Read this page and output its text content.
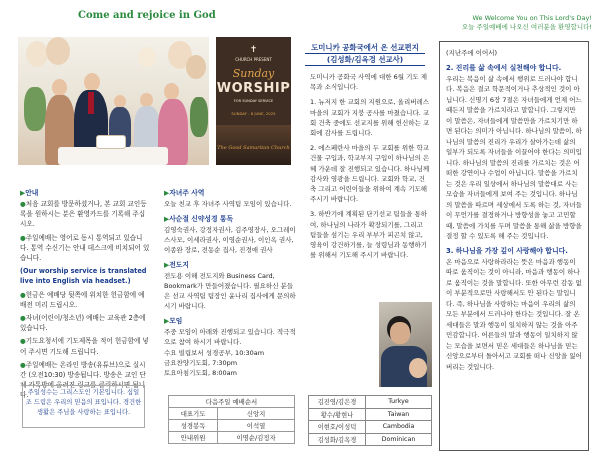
Come and rejoice in God	We Welcome You on This Lord's Day!
오늘 주일예배에 나오신 여러분을 환영합니다!
✝
CHURCH PRESENT
Sunday
WORSHIP
FOR SUNDAY SERVICE
SUNDAY - 8 JUNE, 2025
The Good Samaritan Church
▶안내

●처음 교회를 방문하셨거나, 본 교회 교인등록을 원하시는 분은 환영카드를 기록해 주십시오.

●주일예배는 영어로 동시 통역되고 있습니다. 통역 수신기는 안내 데스크에 비치되어 있습니다.

(Our worship service is translated live into English via headset.)

●헌금은 예배당 뒷쪽에 위치한 헌금함에 예배전 미리 드립시오.

●자녀(어린이/청소년) 예배는 교육관 2층에 있습니다.

●기도요청서에 기도제목을 적어 헌금함에 넣어 주시면 기도해 드립니다.

●주일예배는 온라인 방송(유튜브)으로 실시간 (오전10:30) 방송됩니다. 방송은 교인 단체 카톡방에 올려진 링크를 클릭하시면 됩니다. 주일성수는 그리스도인 기본입니다. 십일조 드림은 우리의 믿음의 표입니다. 경건한 생활은 주님을 사랑하는 표입니다.
▶자녀주 사역

오늘 친교 후 자녀주 사역팀 모임이 있습니다.

▶사순절 신약성경 통독

김영숙권사, 강정자권사, 김주영장사, 오그레이스사모, 이세라권사, 이영순권사, 이인옥 권사, 이종완 장로, 전동순 집사, 진경애 권사

▶전도지

전도용 이해 전도지와 Business Card, Bookmark가 만들어졌습니다. 필요하신 분들은 선교 사역팀 팀장인 윤나리 집사에게 문의하시기 바랍니다.

▶모임

주중 모임이 아래와 진행되고 있습니다. 적극적으로 참여 하시기 바랍니다.

수요 빌립보서 성경공부, 10:30am

금요찬양기도회, 7:30pm

토요아침기도회, 8:00am

다음주일 예배순서	
대표기도	신앙지
성경봉독	이석열
안내위원	이명순/김정자
도미니카 공화국에서 온 선교편지
(김성화/김옥경 선교사)

도미니카 공화국 사역에 대한 6월 기도 제목과 소식입니다.

1. 뉴저지 한 교회의 지원으로, 올리버레스 마을의 교회가 지붕 공사를 마쳤습니다. 교회 건축 중에도 선교지를 위해 헌신하는 교회에 감사를 드립니다.

2. 에스페란사 마을의 두 교회를 위한 학교 건물 구입과, 학교부지 구입이 하나님의 은혜 가운데 잘 진행되고 있습니다. 하나님께 감사와 영광을 드립니다. 교회와 학교, 건축 그리고 어린이들을 위하여 계속 기도해 주시기 바랍니다.

3. 하반기에 계획된 단기선교 팀들을 통하여, 하나님의 나라가 확장되기를, 그리고 팀들을 섬기는 우리 부부가 피곤치 않고, 영육이 강건하기를, 늘 성령님과 동행하기를 위해서 기도해 주시기 바랍니다.

김진영/김은경	Turkye
황수/황현나	Taiwan
이현호/이성덕	Cambodia
김성화/김옥경	Dominican

(지난주에 이어서)

2. 진리를 삶 속에서 실천해야 합니다.

우리는 복음이 삶 속에서 행위로 드러나야 합니다. 복음은 결코 학문적이거나 추상적인 것이 아닙니다. 신명기 6장 7절은 자녀들에게 언제 어느 때든지 말씀을 가르치라고 말합니다. 그렇지만 이 말씀은, 자녀들에게 말씀만을 가르치기만 하면 된다는 의미가 아닙니다. 하나님의 말씀이, 하나님의 말씀의 진리가 우리가 살아가는데 삶의 일부가 되도록 자녀들을 이끌어야 한다는 의미입니다. 하나님의 말씀의 진리를 가르치는 것은 어떠한 강연이나 수업이 아닙니다. 말씀을 가르치는 것은 우리 일상에서 하나님의 말씀대로 사는 모습을 자녀들에게 보여 주는 것입니다. 하나님의 말씀을 따르며 세상에서 도록 하는 것, 자녀들이 무언가를 결정하거나 방향성을 놓고 고민할 때, 말씀에 가치를 두며 말씀을 통해 삶을 방향을 결정 할 수 있도록 해 주는 것입니다.

3. 하나님을 가장 깊이 사랑해야 합니다.

온 마음으로 사랑하라라는 뜻은 마음과 행동이 따로 움직이는 것이 아니라, 마음과 행동이 하나로 움직이는 것을 말합니다. 또한 아무런 감동 없이 부분적으로만 사랑해서도 안 된다는 말입니다. 즉, 하나님을 사랑하는 마음이 우리의 삶의 모든 부분에서 드러나야 한다는 것입니다. 잘 온 세대들은 말과 행동이 일치하지 않는 것을 아주 민감합니다. 어른들의 말과 행동이 일치하지 않는 모습을 보면서 믿은 세대들은 하나님을 믿는 신앙으로부터 돌아서고 교회를 떠나 신앙을 잃어 버리는 것입니다.
